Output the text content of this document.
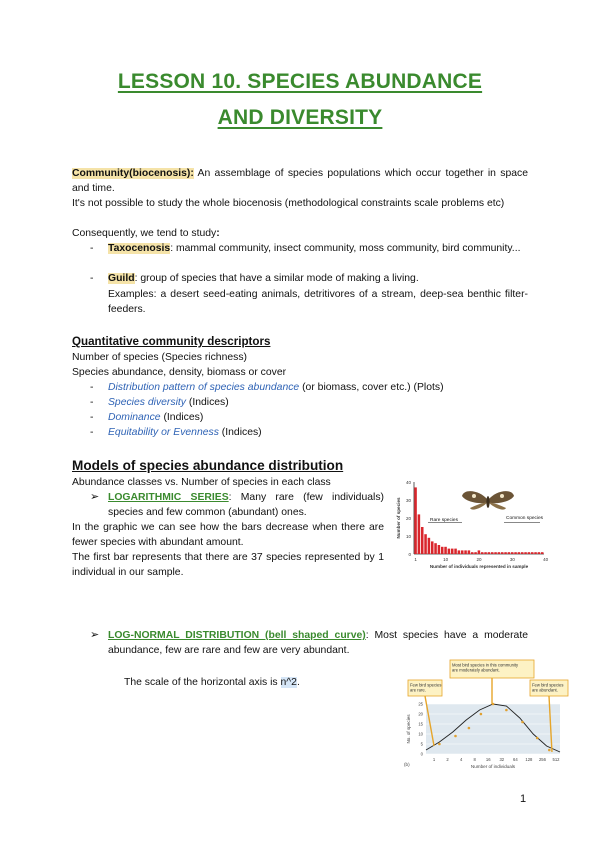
LESSON 10. SPECIES ABUNDANCE
AND DIVERSITY
Community(biocenosis): An assemblage of species populations which occur together in space and time.
It's not possible to study the whole biocenosis (methodological constraints scale problems etc)
Consequently, we tend to study:
- Taxocenosis: mammal community, insect community, moss community, bird community...
- Guild: group of species that have a similar mode of making a living.
Examples: a desert seed-eating animals, detritivores of a stream, deep-sea benthic filter-feeders.
Quantitative community descriptors
Number of species (Species richness)
Species abundance, density, biomass or cover
- Distribution pattern of species abundance (or biomass, cover etc.) (Plots)
- Species diversity (Indices)
- Dominance (Indices)
- Equitability or Evenness (Indices)
Models of species abundance distribution
Abundance classes vs. Number of species in each class
➢ LOGARITHMIC SERIES: Many rare (few individuals) species and few common (abundant) ones.
In the graphic we can see how the bars decrease when there are fewer species with abundant amount.
The first bar represents that there are 37 species represented by 1 individual in our sample.
0
10
20
30
40
1	10	20	30	40
Number of individuals represented in sample
Number of species	Rare species	Common species
➢ LOG-NORMAL DISTRIBUTION (bell shaped curve): Most species have a moderate abundance, few are rare and few are very abundant.
The scale of the horizontal axis is n^2.
0
5
10
15
20
25
1	2	4	8 16 32 64 128 256 512
Number of individuals
No. of species
(b)
Most bird species in this community are moderately abundant.
Few bird species are rare.
Few bird species are abundant.
1
